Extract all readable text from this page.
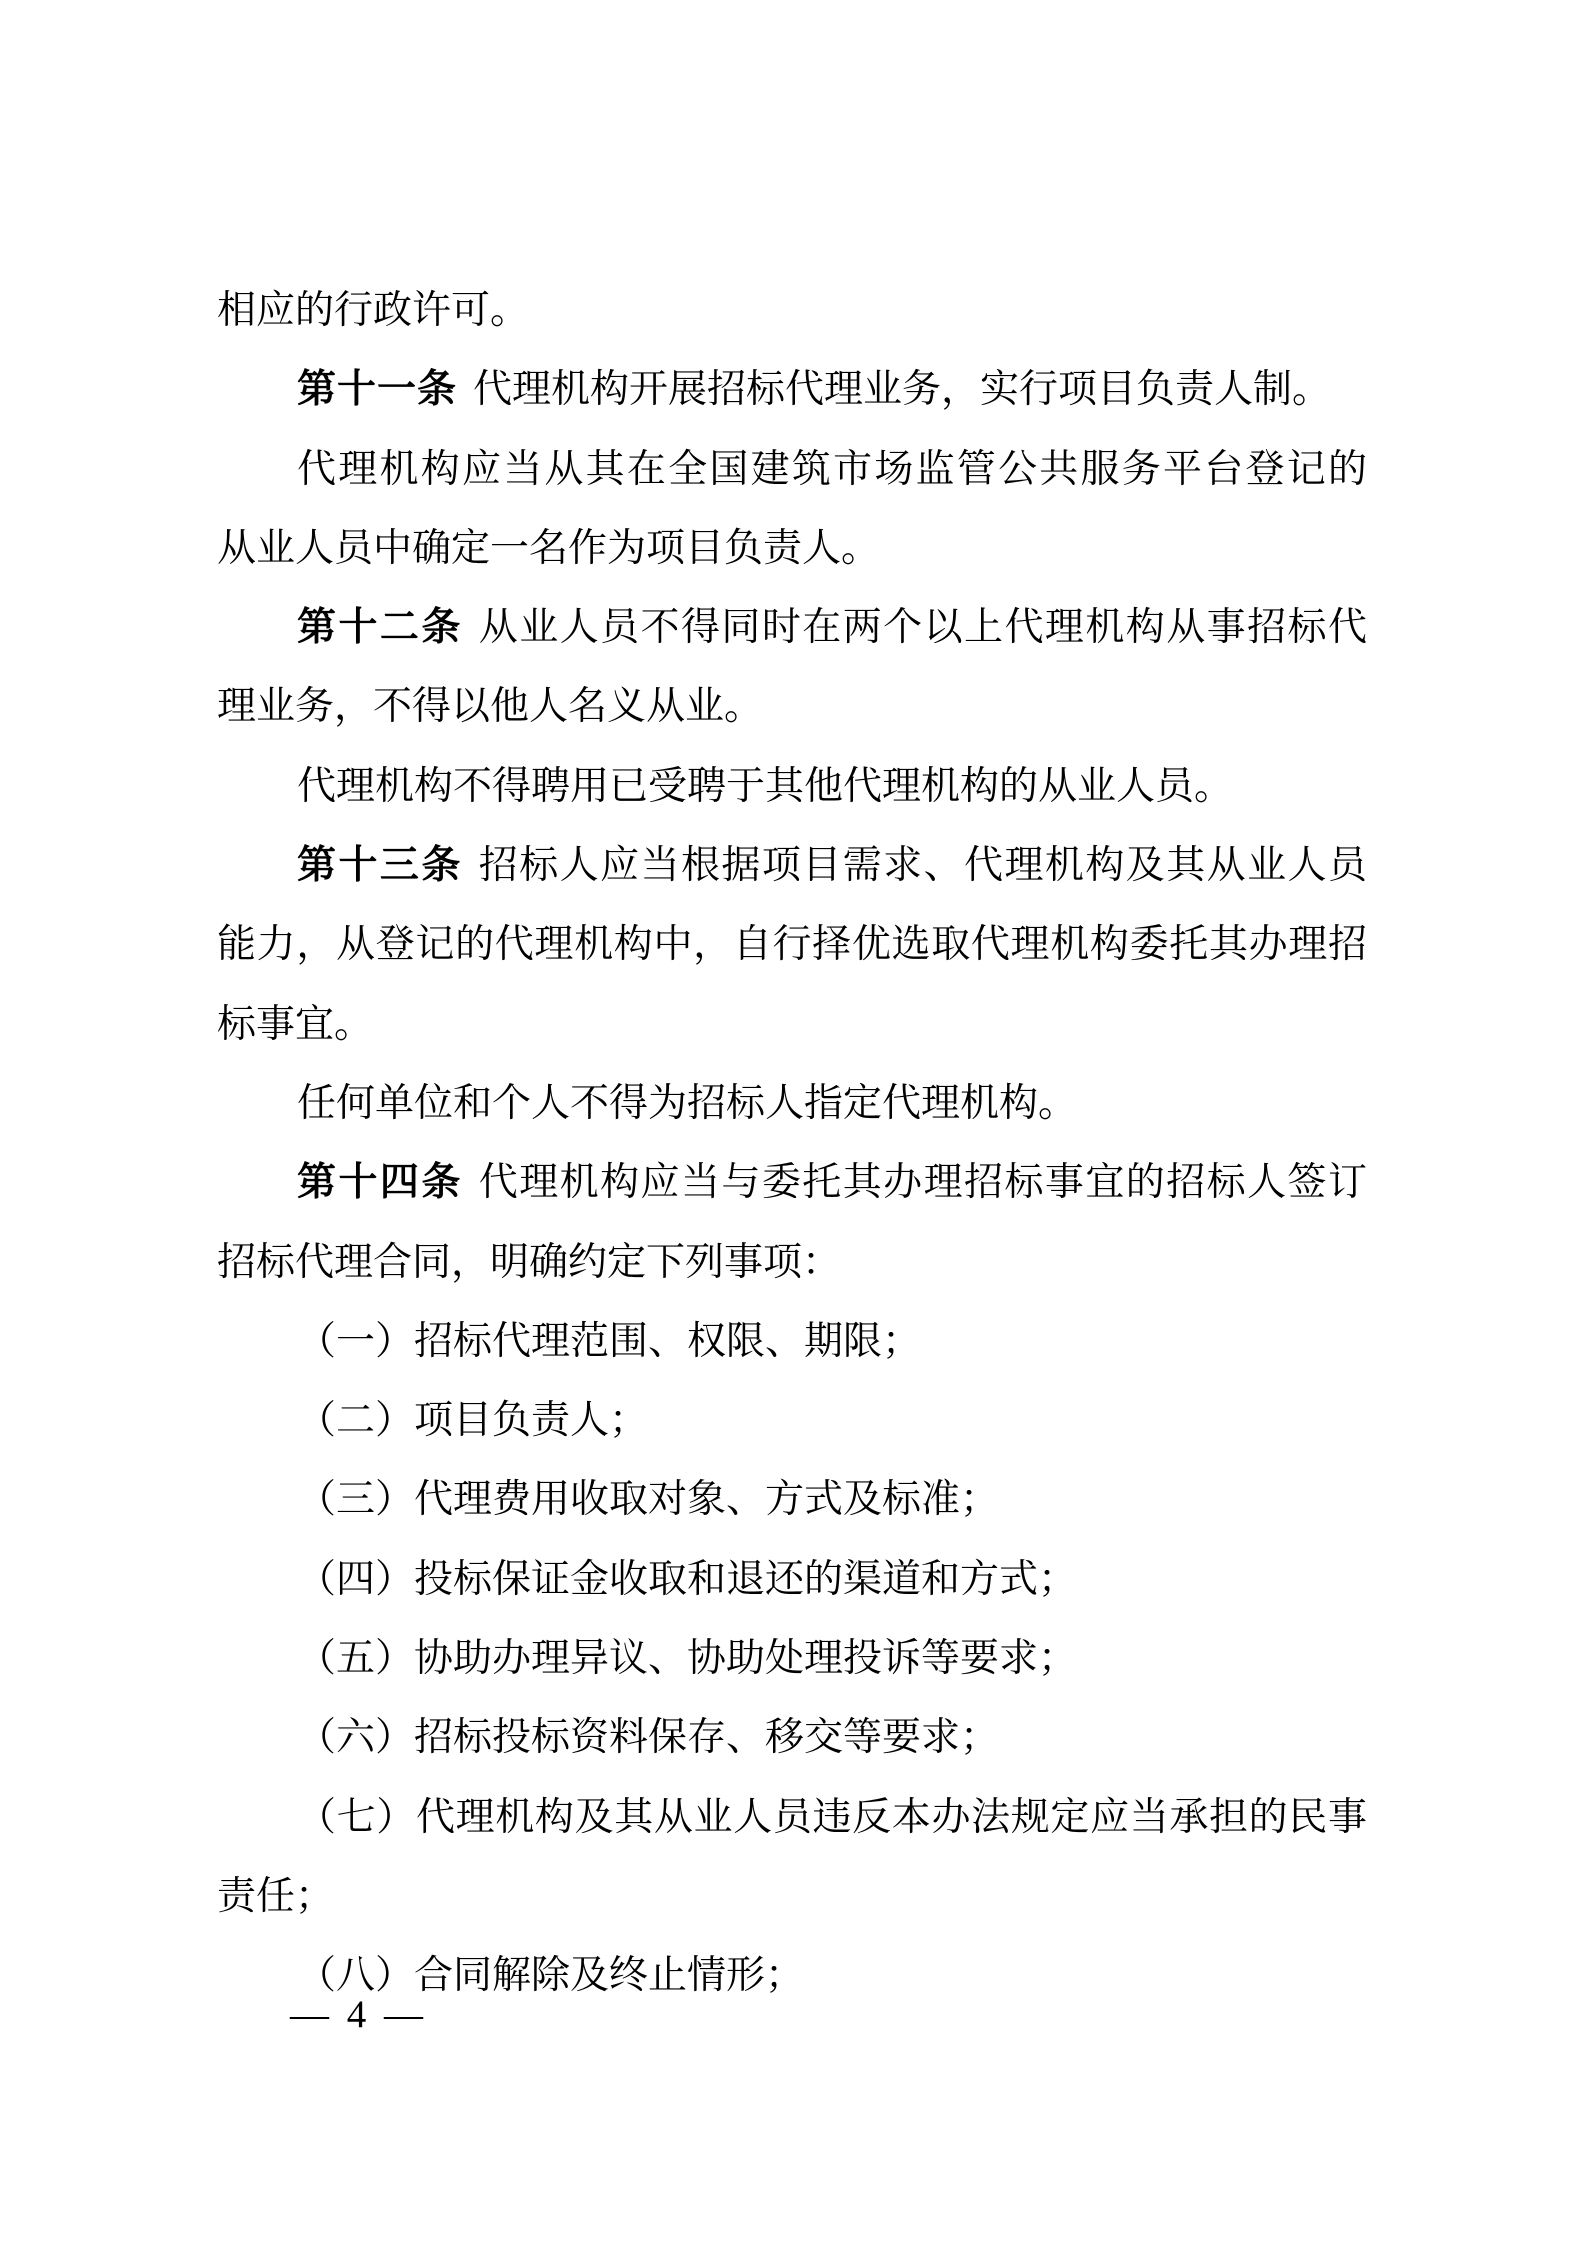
相应的行政许可。
第十一条 代理机构开展招标代理业务，实行项目负责人制。
代理机构应当从其在全国建筑市场监管公共服务平台登记的
从业人员中确定一名作为项目负责人。
第十二条 从业人员不得同时在两个以上代理机构从事招标代
理业务，不得以他人名义从业。
代理机构不得聘用已受聘于其他代理机构的从业人员。
第十三条 招标人应当根据项目需求、代理机构及其从业人员
能力，从登记的代理机构中，自行择优选取代理机构委托其办理招
标事宜。
任何单位和个人不得为招标人指定代理机构。
第十四条 代理机构应当与委托其办理招标事宜的招标人签订
招标代理合同，明确约定下列事项：
（一）招标代理范围、权限、期限；
（二）项目负责人；
（三）代理费用收取对象、方式及标准；
（四）投标保证金收取和退还的渠道和方式；
（五）协助办理异议、协助处理投诉等要求；
（六）招标投标资料保存、移交等要求；
（七）代理机构及其从业人员违反本办法规定应当承担的民事
责任；
（八）合同解除及终止情形；
— 4 —
